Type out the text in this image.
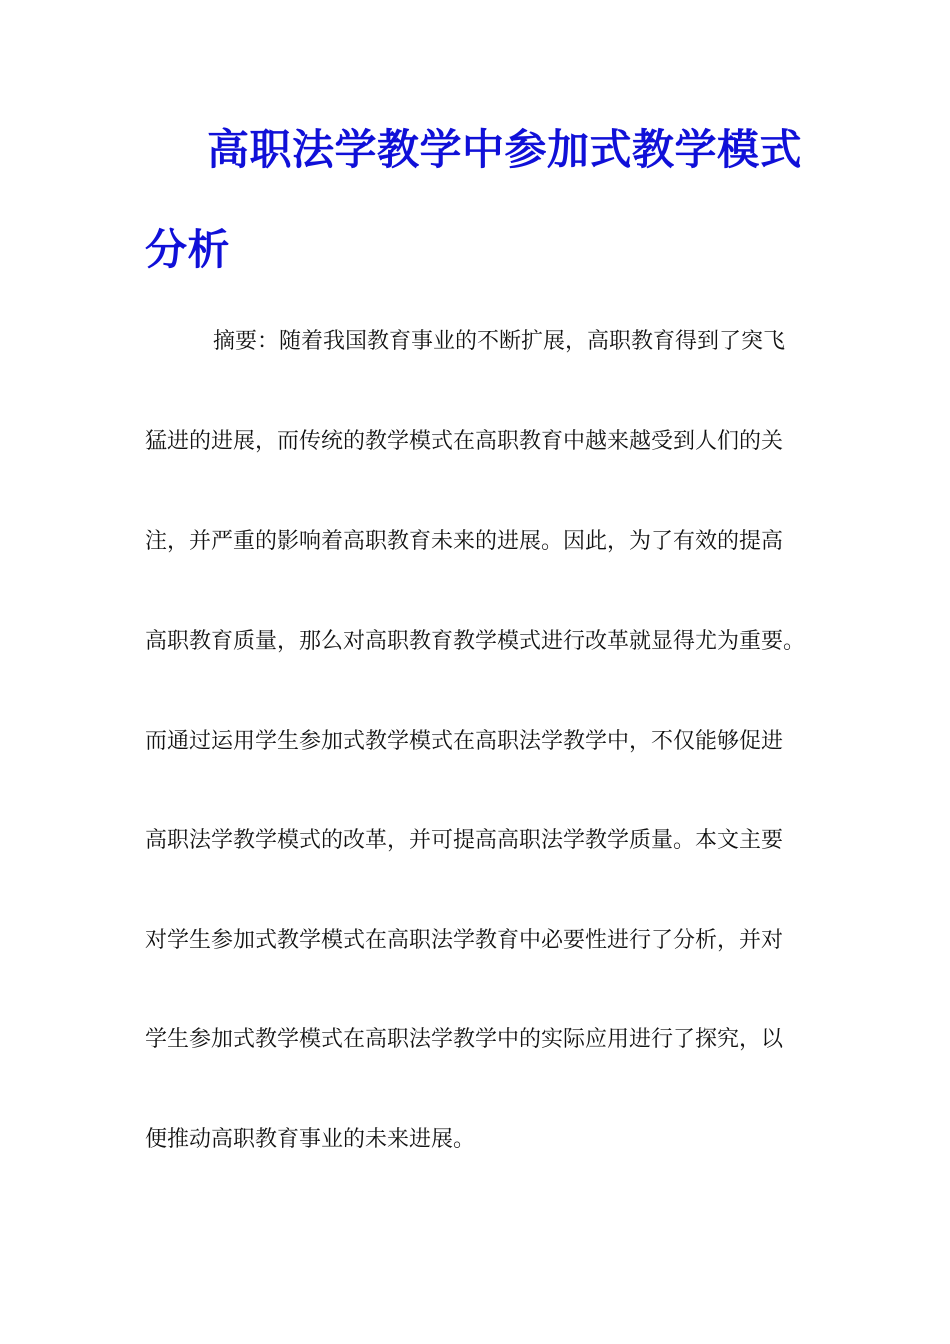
高职法学教学中参加式教学模式
分析
摘要：随着我国教育事业的不断扩展，高职教育得到了突飞
猛进的进展，而传统的教学模式在高职教育中越来越受到人们的关
注，并严重的影响着高职教育未来的进展。因此，为了有效的提高
高职教育质量，那么对高职教育教学模式进行改革就显得尤为重要。
而通过运用学生参加式教学模式在高职法学教学中，不仅能够促进
高职法学教学模式的改革，并可提高高职法学教学质量。本文主要
对学生参加式教学模式在高职法学教育中必要性进行了分析，并对
学生参加式教学模式在高职法学教学中的实际应用进行了探究，以
便推动高职教育事业的未来进展。
